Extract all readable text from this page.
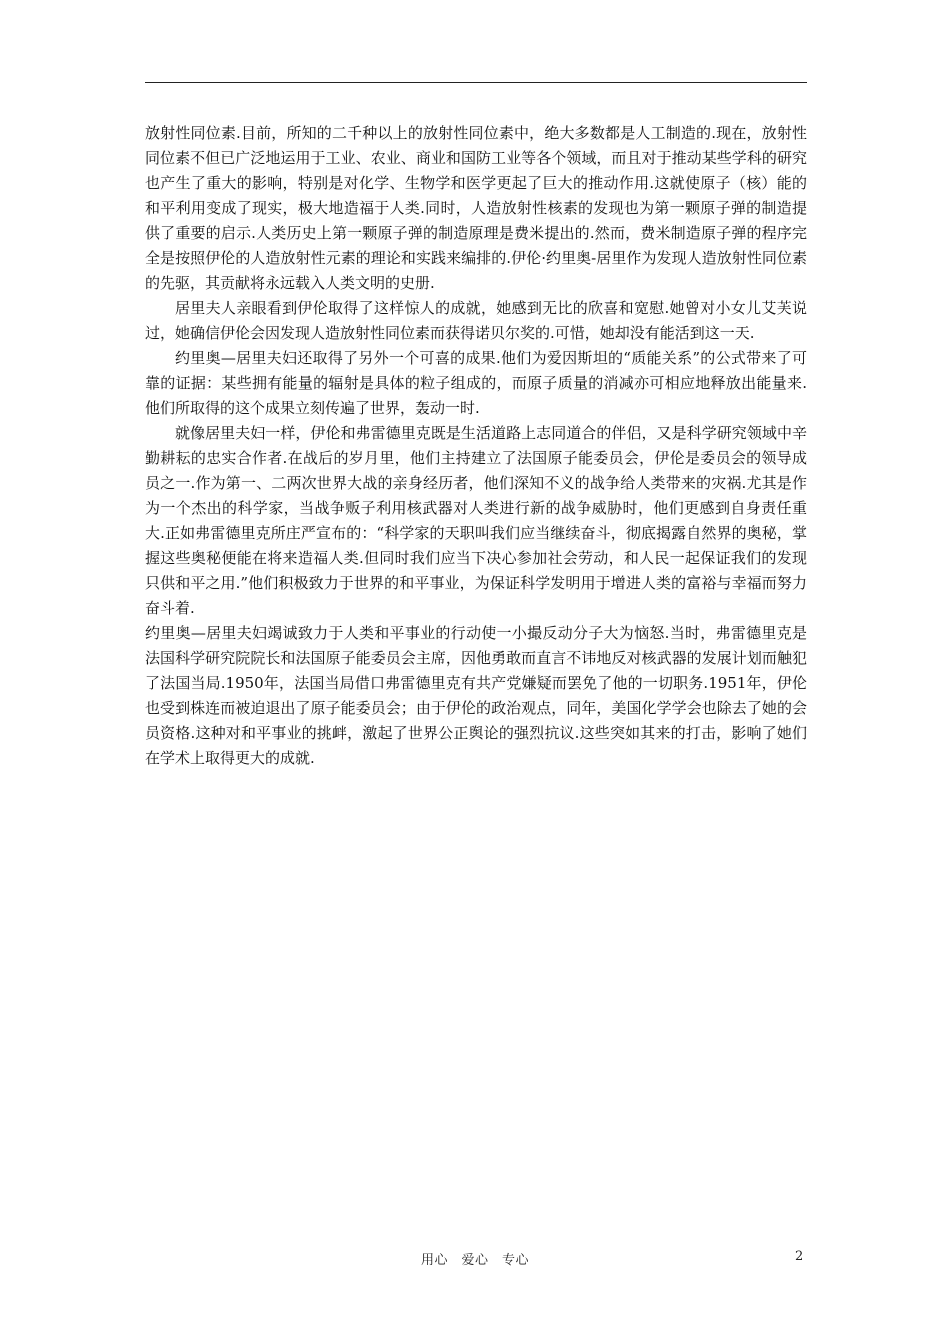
放射性同位素.目前，所知的二千种以上的放射性同位素中，绝大多数都是人工制造的.现在，放射性同位素不但已广泛地运用于工业、农业、商业和国防工业等各个领域，而且对于推动某些学科的研究也产生了重大的影响，特别是对化学、生物学和医学更起了巨大的推动作用.这就使原子（核）能的和平利用变成了现实，极大地造福于人类.同时，人造放射性核素的发现也为第一颗原子弹的制造提供了重要的启示.人类历史上第一颗原子弹的制造原理是费米提出的.然而，费米制造原子弹的程序完全是按照伊伦的人造放射性元素的理论和实践来编排的.伊伦·约里奥-居里作为发现人造放射性同位素的先驱，其贡献将永远载入人类文明的史册.

居里夫人亲眼看到伊伦取得了这样惊人的成就，她感到无比的欣喜和宽慰.她曾对小女儿艾芙说过，她确信伊伦会因发现人造放射性同位素而获得诺贝尔奖的.可惜，她却没有能活到这一天.

约里奥—居里夫妇还取得了另外一个可喜的成果.他们为爱因斯坦的“质能关系”的公式带来了可靠的证据：某些拥有能量的辐射是具体的粒子组成的，而原子质量的消减亦可相应地释放出能量来.他们所取得的这个成果立刻传遍了世界，轰动一时.

就像居里夫妇一样，伊伦和弗雷德里克既是生活道路上志同道合的伴侣，又是科学研究领域中辛勤耕耘的忠实合作者.在战后的岁月里，他们主持建立了法国原子能委员会，伊伦是委员会的领导成员之一.作为第一、二两次世界大战的亲身经历者，他们深知不义的战争给人类带来的灾祸.尤其是作为一个杰出的科学家，当战争贩子利用核武器对人类进行新的战争威胁时，他们更感到自身责任重大.正如弗雷德里克所庄严宣布的：“科学家的天职叫我们应当继续奋斗，彻底揭露自然界的奥秘，掌握这些奥秘便能在将来造福人类.但同时我们应当下决心参加社会劳动，和人民一起保证我们的发现只供和平之用.”他们积极致力于世界的和平事业，为保证科学发明用于增进人类的富裕与幸福而努力奋斗着.

约里奥—居里夫妇竭诚致力于人类和平事业的行动使一小撮反动分子大为恼怒.当时，弗雷德里克是法国科学研究院院长和法国原子能委员会主席，因他勇敢而直言不讳地反对核武器的发展计划而触犯了法国当局.1950年，法国当局借口弗雷德里克有共产党嫌疑而罢免了他的一切职务.1951年，伊伦也受到株连而被迫退出了原子能委员会；由于伊伦的政治观点，同年，美国化学学会也除去了她的会员资格.这种对和平事业的挑衅，激起了世界公正舆论的强烈抗议.这些突如其来的打击，影响了她们在学术上取得更大的成就.

用心　爱心　专心	2
